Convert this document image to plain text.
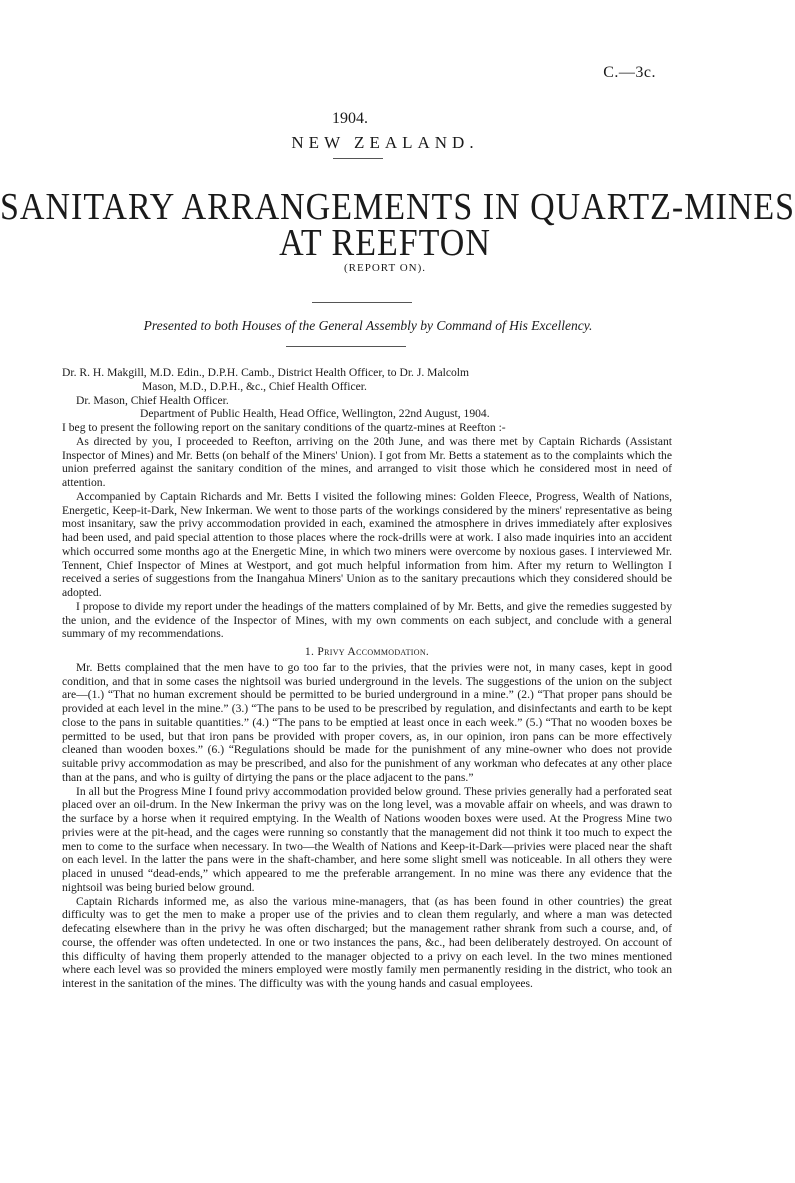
C.—3c.
1904.
NEW ZEALAND.
SANITARY ARRANGEMENTS IN QUARTZ-MINES
AT REEFTON
(REPORT ON).
Presented to both Houses of the General Assembly by Command of His Excellency.

Dr. R. H. Makgill, M.D. Edin., D.P.H. Camb., District Health Officer, to Dr. J. Malcolm
Mason, M.D., D.P.H., &c., Chief Health Officer.

Dr. Mason, Chief Health Officer.

Department of Public Health, Head Office, Wellington, 22nd August, 1904.

I beg to present the following report on the sanitary conditions of the quartz-mines at Reefton :-

As directed by you, I proceeded to Reefton, arriving on the 20th June, and was there met by Captain Richards (Assistant Inspector of Mines) and Mr. Betts (on behalf of the Miners' Union). I got from Mr. Betts a statement as to the complaints which the union preferred against the sanitary condition of the mines, and arranged to visit those which he considered most in need of attention.

Accompanied by Captain Richards and Mr. Betts I visited the following mines: Golden Fleece, Progress, Wealth of Nations, Energetic, Keep-it-Dark, New Inkerman. We went to those parts of the workings considered by the miners' representative as being most insanitary, saw the privy accommodation provided in each, examined the atmosphere in drives immediately after explosives had been used, and paid special attention to those places where the rock-drills were at work. I also made inquiries into an accident which occurred some months ago at the Energetic Mine, in which two miners were overcome by noxious gases. I interviewed Mr. Tennent, Chief Inspector of Mines at Westport, and got much helpful information from him. After my return to Wellington I received a series of suggestions from the Inangahua Miners' Union as to the sanitary precautions which they considered should be adopted.

I propose to divide my report under the headings of the matters complained of by Mr. Betts, and give the remedies suggested by the union, and the evidence of the Inspector of Mines, with my own comments on each subject, and conclude with a general summary of my recommendations.

1. Privy Accommodation.

Mr. Betts complained that the men have to go too far to the privies, that the privies were not, in many cases, kept in good condition, and that in some cases the nightsoil was buried underground in the levels. The suggestions of the union on the subject are—(1.) “That no human excrement should be permitted to be buried underground in a mine.” (2.) “That proper pans should be provided at each level in the mine.” (3.) “The pans to be used to be prescribed by regulation, and disinfectants and earth to be kept close to the pans in suitable quantities.” (4.) “The pans to be emptied at least once in each week.” (5.) “That no wooden boxes be permitted to be used, but that iron pans be provided with proper covers, as, in our opinion, iron pans can be more effectively cleaned than wooden boxes.” (6.) “Regulations should be made for the punishment of any mine-owner who does not provide suitable privy accommodation as may be prescribed, and also for the punishment of any workman who defecates at any other place than at the pans, and who is guilty of dirtying the pans or the place adjacent to the pans.”

In all but the Progress Mine I found privy accommodation provided below ground. These privies generally had a perforated seat placed over an oil-drum. In the New Inkerman the privy was on the long level, was a movable affair on wheels, and was drawn to the surface by a horse when it required emptying. In the Wealth of Nations wooden boxes were used. At the Progress Mine two privies were at the pit-head, and the cages were running so constantly that the management did not think it too much to expect the men to come to the surface when necessary. In two—the Wealth of Nations and Keep-it-Dark—privies were placed near the shaft on each level. In the latter the pans were in the shaft-chamber, and here some slight smell was noticeable. In all others they were placed in unused “dead-ends,” which appeared to me the preferable arrangement. In no mine was there any evidence that the nightsoil was being buried below ground.

Captain Richards informed me, as also the various mine-managers, that (as has been found in other countries) the great difficulty was to get the men to make a proper use of the privies and to clean them regularly, and where a man was detected defecating elsewhere than in the privy he was often discharged; but the management rather shrank from such a course, and, of course, the offender was often undetected. In one or two instances the pans, &c., had been deliberately destroyed. On account of this difficulty of having them properly attended to the manager objected to a privy on each level. In the two mines mentioned where each level was so provided the miners employed were mostly family men permanently residing in the district, who took an interest in the sanitation of the mines. The difficulty was with the young hands and casual employees.
